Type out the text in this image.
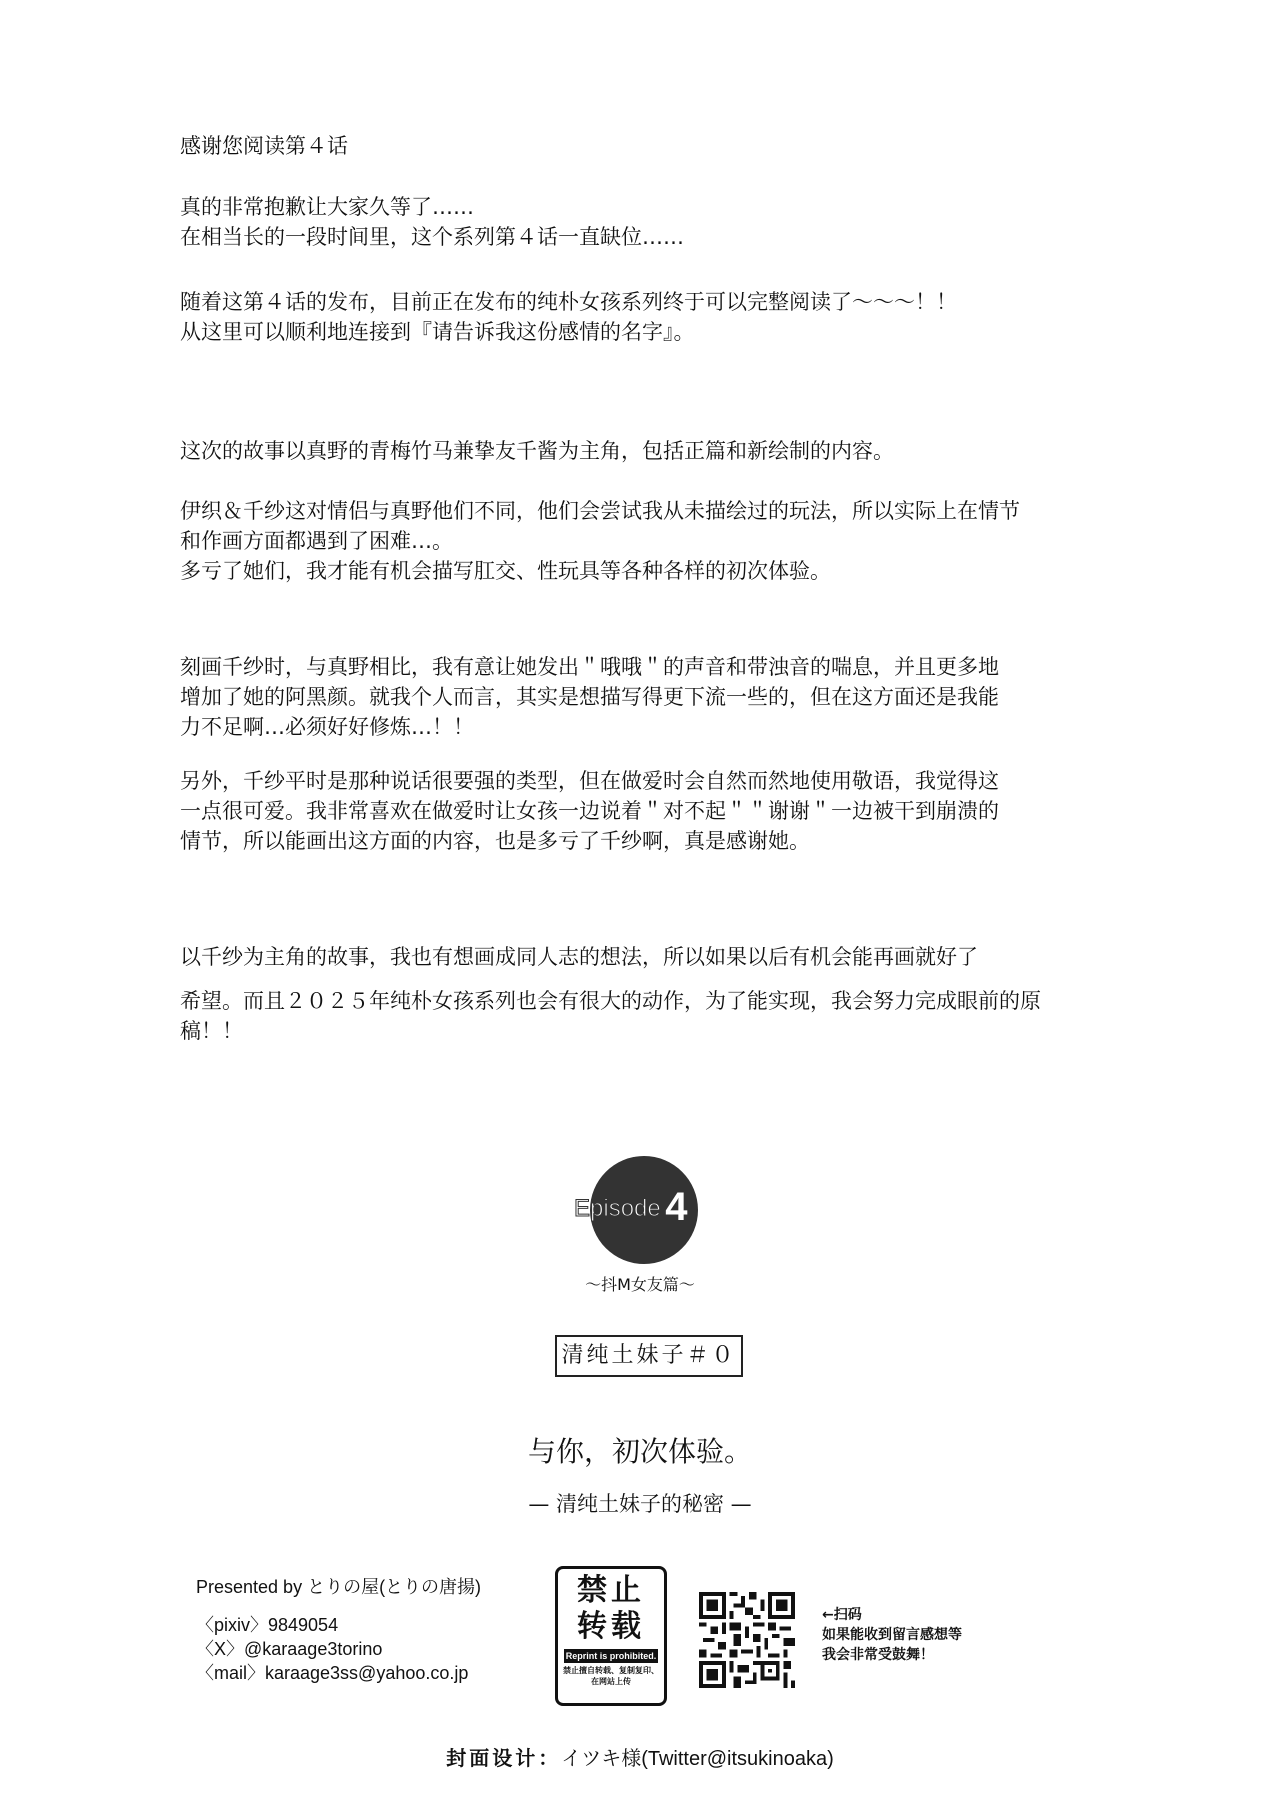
感谢您阅读第４话

真的非常抱歉让大家久等了……
在相当长的一段时间里，这个系列第４话一直缺位……

随着这第４话的发布，目前正在发布的纯朴女孩系列终于可以完整阅读了～～～！！
从这里可以顺利地连接到『请告诉我这份感情的名字』。

这次的故事以真野的青梅竹马兼挚友千酱为主角，包括正篇和新绘制的内容。

伊织＆千纱这对情侣与真野他们不同，他们会尝试我从未描绘过的玩法，所以实际上在情节
和作画方面都遇到了困难…。
多亏了她们，我才能有机会描写肛交、性玩具等各种各样的初次体验。

刻画千纱时，与真野相比，我有意让她发出＂哦哦＂的声音和带浊音的喘息，并且更多地
增加了她的阿黑颜。就我个人而言，其实是想描写得更下流一些的，但在这方面还是我能
力不足啊…必须好好修炼…！！

另外，千纱平时是那种说话很要强的类型，但在做爱时会自然而然地使用敬语，我觉得这
一点很可爱。我非常喜欢在做爱时让女孩一边说着＂对不起＂＂谢谢＂一边被干到崩溃的
情节，所以能画出这方面的内容，也是多亏了千纱啊，真是感谢她。

以千纱为主角的故事，我也有想画成同人志的想法，所以如果以后有机会能再画就好了

希望。而且２０２５年纯朴女孩系列也会有很大的动作，为了能实现，我会努力完成眼前的原
稿！！

Episode 4
～抖M女友篇～
清纯土妹子＃０
与你，初次体验。
— 清纯土妹子的秘密 —
Presented by とりの屋(とりの唐揚)
〈pixiv〉9849054
〈X〉@karaage3torino
〈mail〉karaage3ss@yahoo.co.jp
禁止
转载
Reprint is prohibited.
禁止擅自转载、复制复印、在网站上传
←扫码
如果能收到留言感想等
我会非常受鼓舞！
封面设计：イツキ様(Twitter@itsukinoaka)
